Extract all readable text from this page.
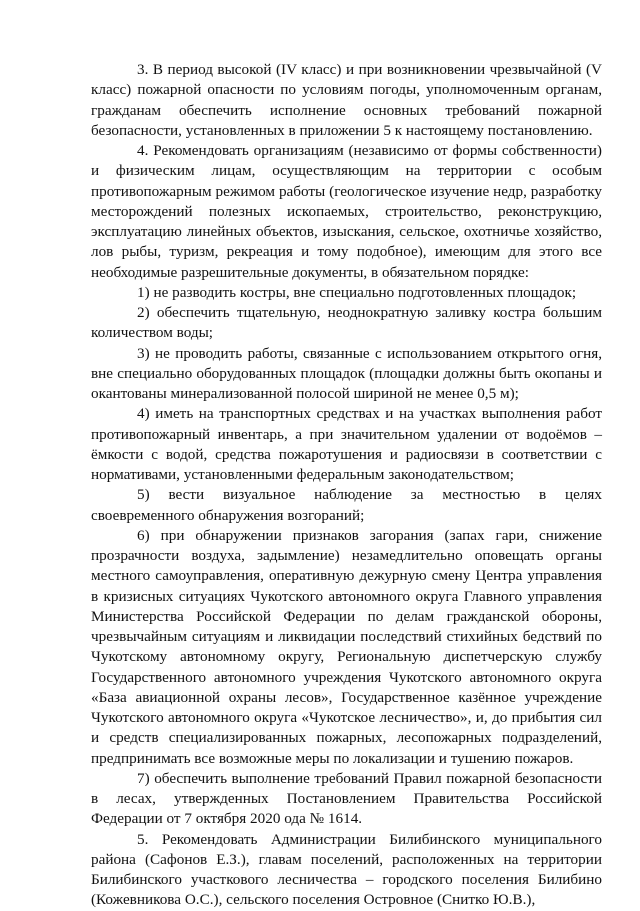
3. В период высокой (IV класс) и при возникновении чрезвычайной (V класс) пожарной опасности по условиям погоды, уполномоченным органам, гражданам обеспечить исполнение основных требований пожарной безопасности, установленных в приложении 5 к настоящему постановлению.

4. Рекомендовать организациям (независимо от формы собственности) и физическим лицам, осуществляющим на территории с особым противопожарным режимом работы (геологическое изучение недр, разработку месторождений полезных ископаемых, строительство, реконструкцию, эксплуатацию линейных объектов, изыскания, сельское, охотничье хозяйство, лов рыбы, туризм, рекреация и тому подобное), имеющим для этого все необходимые разрешительные документы, в обязательном порядке:

1) не разводить костры, вне специально подготовленных площадок;

2) обеспечить тщательную, неоднократную заливку костра большим количеством воды;

3) не проводить работы, связанные с использованием открытого огня, вне специально оборудованных площадок (площадки должны быть окопаны и окантованы минерализованной полосой шириной не менее 0,5 м);

4) иметь на транспортных средствах и на участках выполнения работ противопожарный инвентарь, а при значительном удалении от водоёмов – ёмкости с водой, средства пожаротушения и радиосвязи в соответствии с нормативами, установленными федеральным законодательством;

5) вести визуальное наблюдение за местностью в целях своевременного обнаружения возгораний;

6) при обнаружении признаков загорания (запах гари, снижение прозрачности воздуха, задымление) незамедлительно оповещать органы местного самоуправления, оперативную дежурную смену Центра управления в кризисных ситуациях Чукотского автономного округа Главного управления Министерства Российской Федерации по делам гражданской обороны, чрезвычайным ситуациям и ликвидации последствий стихийных бедствий по Чукотскому автономному округу, Региональную диспетчерскую службу Государственного автономного учреждения Чукотского автономного округа «База авиационной охраны лесов», Государственное казённое учреждение Чукотского автономного округа «Чукотское лесничество», и, до прибытия сил и средств специализированных пожарных, лесопожарных подразделений, предпринимать все возможные меры по локализации и тушению пожаров.

7) обеспечить выполнение требований Правил пожарной безопасности в лесах, утвержденных Постановлением Правительства Российской Федерации от 7 октября 2020 ода № 1614.

5. Рекомендовать Администрации Билибинского муниципального района (Сафонов Е.З.), главам поселений, расположенных на территории Билибинского участкового лесничества – городского поселения Билибино (Кожевникова О.С.), сельского поселения Островное (Снитко Ю.В.),
